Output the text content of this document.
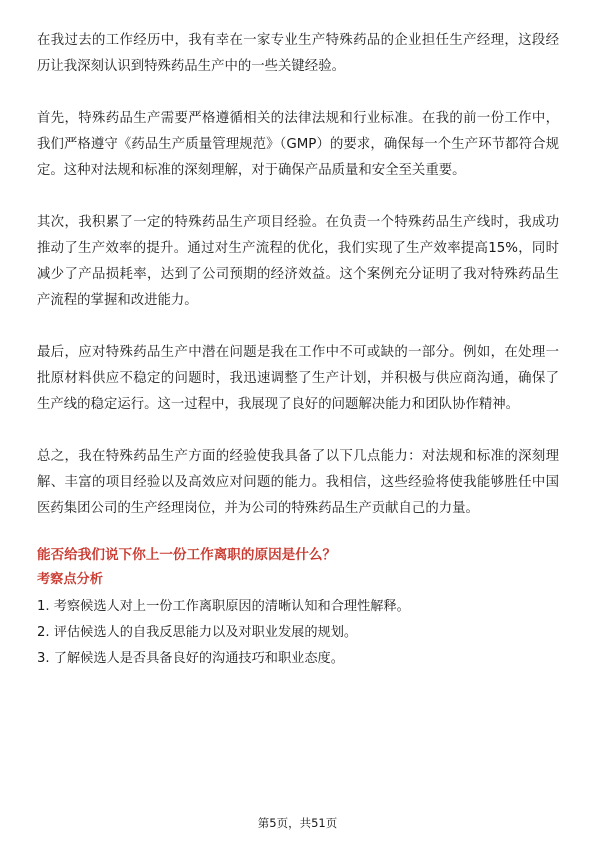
在我过去的工作经历中，我有幸在一家专业生产特殊药品的企业担任生产经理，这段经历让我深刻认识到特殊药品生产中的一些关键经验。

首先，特殊药品生产需要严格遵循相关的法律法规和行业标准。在我的前一份工作中，我们严格遵守《药品生产质量管理规范》（GMP）的要求，确保每一个生产环节都符合规定。这种对法规和标准的深刻理解，对于确保产品质量和安全至关重要。

其次，我积累了一定的特殊药品生产项目经验。在负责一个特殊药品生产线时，我成功推动了生产效率的提升。通过对生产流程的优化，我们实现了生产效率提高15%，同时减少了产品损耗率，达到了公司预期的经济效益。这个案例充分证明了我对特殊药品生产流程的掌握和改进能力。

最后，应对特殊药品生产中潜在问题是我在工作中不可或缺的一部分。例如，在处理一批原材料供应不稳定的问题时，我迅速调整了生产计划，并积极与供应商沟通，确保了生产线的稳定运行。这一过程中，我展现了良好的问题解决能力和团队协作精神。

总之，我在特殊药品生产方面的经验使我具备了以下几点能力：对法规和标准的深刻理解、丰富的项目经验以及高效应对问题的能力。我相信，这些经验将使我能够胜任中国医药集团公司的生产经理岗位，并为公司的特殊药品生产贡献自己的力量。

能否给我们说下你上一份工作离职的原因是什么？
考察点分析
1. 考察候选人对上一份工作离职原因的清晰认知和合理性解释。
2. 评估候选人的自我反思能力以及对职业发展的规划。
3. 了解候选人是否具备良好的沟通技巧和职业态度。
第5页，共51页
